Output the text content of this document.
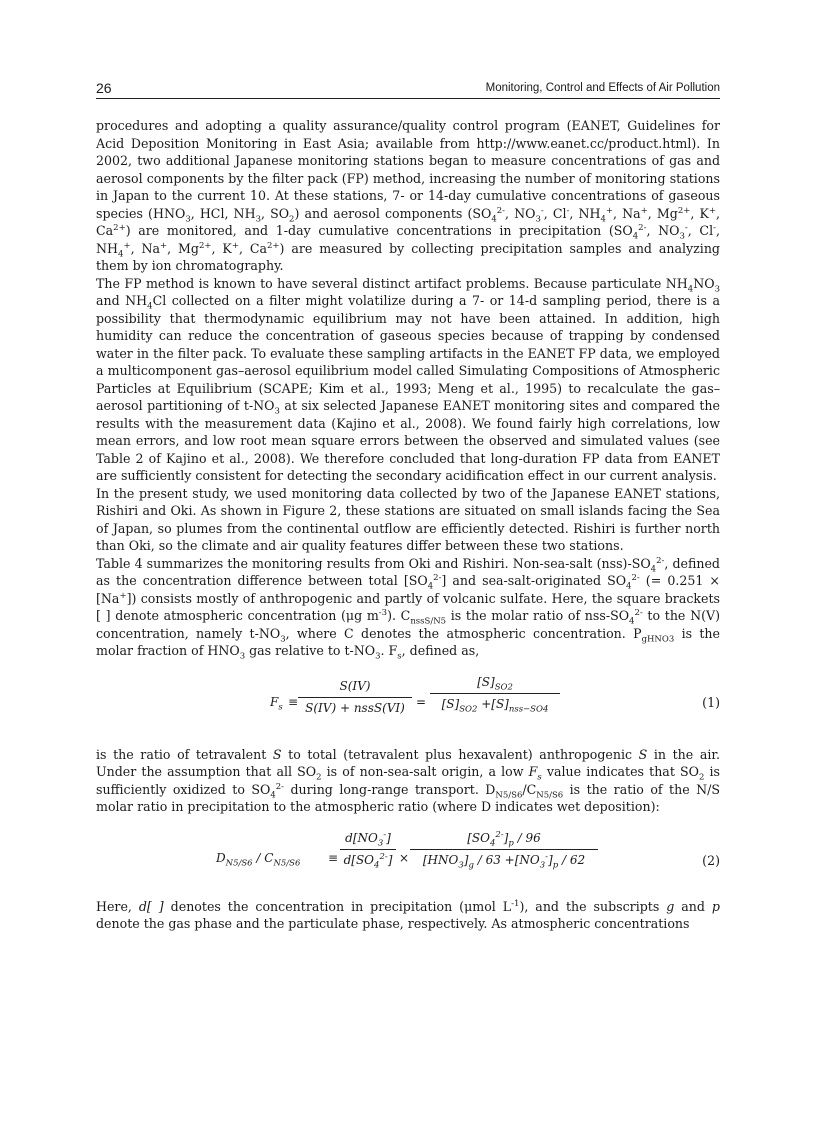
26	Monitoring, Control and Effects of Air Pollution

procedures and adopting a quality assurance/quality control program (EANET, Guidelines for Acid Deposition Monitoring in East Asia; available from http://www.eanet.cc/product.html). In 2002, two additional Japanese monitoring stations began to measure concentrations of gas and aerosol components by the filter pack (FP) method, increasing the number of monitoring stations in Japan to the current 10. At these stations, 7- or 14-day cumulative concentrations of gaseous species ($HNO_3$, HCl, $NH_3$, $SO_2$) and aerosol components ($SO_4^{2-}$, $NO_3^-$, Cl-, $NH_4^+$, Na+, $Mg^{2+}$, K+, $Ca^{2+}$) are monitored, and 1-day cumulative concentrations in precipitation ($SO_4^{2-}$, $NO_3^-$, Cl-, $NH_4^+$, Na+, $Mg^{2+}$, K+, $Ca^{2+}$) are measured by collecting precipitation samples and analyzing them by ion chromatography.

The FP method is known to have several distinct artifact problems. Because particulate $NH_4NO_3$ and $NH_4Cl$ collected on a filter might volatilize during a 7- or 14-d sampling period, there is a possibility that thermodynamic equilibrium may not have been attained. In addition, high humidity can reduce the concentration of gaseous species because of trapping by condensed water in the filter pack. To evaluate these sampling artifacts in the EANET FP data, we employed a multicomponent gas–aerosol equilibrium model called Simulating Compositions of Atmospheric Particles at Equilibrium (SCAPE; Kim et al., 1993; Meng et al., 1995) to recalculate the gas–aerosol partitioning of $t-NO_3$ at six selected Japanese EANET monitoring sites and compared the results with the measurement data (Kajino et al., 2008). We found fairly high correlations, low mean errors, and low root mean square errors between the observed and simulated values (see Table 2 of Kajino et al., 2008). We therefore concluded that long-duration FP data from EANET are sufficiently consistent for detecting the secondary acidification effect in our current analysis.

In the present study, we used monitoring data collected by two of the Japanese EANET stations, Rishiri and Oki. As shown in Figure 2, these stations are situated on small islands facing the Sea of Japan, so plumes from the continental outflow are efficiently detected. Rishiri is further north than Oki, so the climate and air quality features differ between these two stations.

Table 4 summarizes the monitoring results from Oki and Rishiri. Non-sea-salt $(nss)-SO_4^{2-}$, defined as the concentration difference between total $[SO_4^{2-}]$ and sea-salt-originated $SO_4^{2-}$ (= 0.251 × [Na+]) consists mostly of anthropogenic and partly of volcanic sulfate. Here, the square brackets [ ] denote atmospheric concentration (μg $m^{-3}$). $C_{nssS/N5}$ is the molar ratio of nss-$SO_4^{2-}$ to the N(V) concentration, namely $t-NO_3$, where C denotes the atmospheric concentration. $P_{gHNO3}$ is the molar fraction of $HNO_3$ gas relative to $t-NO_3$. $F_s$, defined as,

$F_s$ ≡
S(IV)
S(IV) + nssS(VI) =
$[S]_{SO2}$
$[S]_{SO2} +[S]_{nss-SO4}$	(1)

is the ratio of tetravalent S to total (tetravalent plus hexavalent) anthropogenic S in the air. Under the assumption that all $SO_2$ is of non-sea-salt origin, a low $F_s$ value indicates that $SO_2$ is sufficiently oxidized to $SO_4^{2-}$ during long-range transport. $D_{N5/S6}/C_{N5/S6}$ is the ratio of the N/S molar ratio in precipitation to the atmospheric ratio (where D indicates wet deposition):

$D_{N5/S6} / C_{N5/S6} \equiv \frac{d[NO_3^-]}{d[SO_4^{2-}]}$ ×
$[SO_4^{2-}]_p / 96$
$[HNO_3]_g / 63 +[NO_3^-]_p / 62$	(2)

Here, d[ ] denotes the concentration in precipitation (μmol $L^{-1}$), and the subscripts g and p denote the gas phase and the particulate phase, respectively. As atmospheric concentrations
